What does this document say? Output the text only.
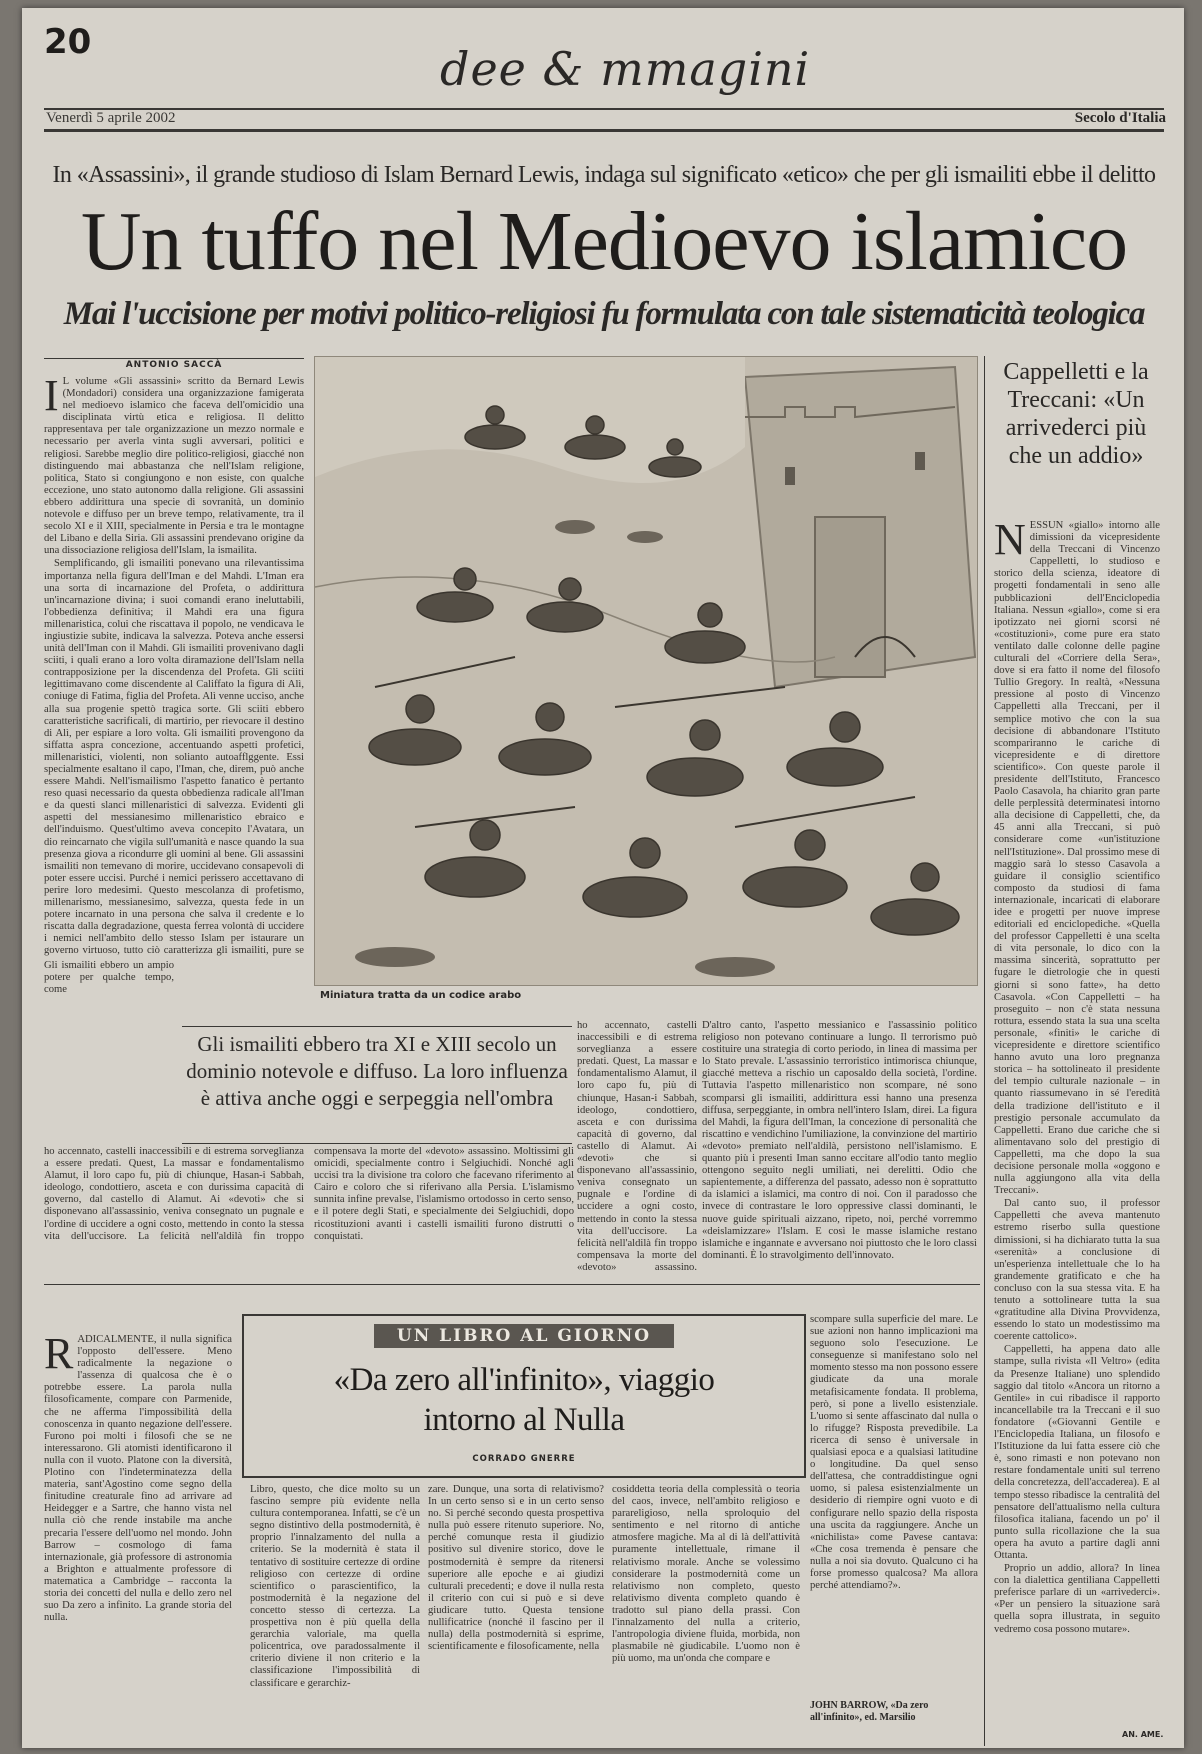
20	dee & mmagini
Venerdì 5 aprile 2002	Secolo d'Italia
In «Assassini», il grande studioso di Islam Bernard Lewis, indaga sul significato «etico» che per gli ismailiti ebbe il delitto
Un tuffo nel Medioevo islamico
Mai l'uccisione per motivi politico-religiosi fu formulata con tale sistematicità teologica
ANTONIO SACCÀ
I L volume «Gli assassini» scritto da Bernard Lewis (Mondadori) considera una organizzazione famigerata nel medioevo islamico che faceva dell'omicidio una disciplinata virtù etica e religiosa. Il delitto rappresentava per tale organizzazione un mezzo normale e necessario per averla vinta sugli avversari, politici e religiosi. Sarebbe meglio dire politico-religiosi, giacché non distinguendo mai abbastanza che nell'Islam religione, politica, Stato si congiungono e non esiste, con qualche eccezione, uno stato autonomo dalla religione. Gli assassini ebbero addirittura una specie di sovranità, un dominio notevole e diffuso per un breve tempo, relativamente, tra il secolo XI e il XIII, specialmente in Persia e tra le montagne del Libano e della Siria. Gli assassini prendevano origine da una dissociazione religiosa dell'Islam, la ismailita.

Semplificando, gli ismailiti ponevano una rilevantissima importanza nella figura dell'Iman e del Mahdi. L'Iman era una sorta di incarnazione del Profeta, o addirittura un'incarnazione divina; i suoi comandi erano ineluttabili, l'obbedienza definitiva; il Mahdi era una figura millenaristica, colui che riscattava il popolo, ne vendicava le ingiustizie subite, indicava la salvezza. Poteva anche essersi unità dell'Iman con il Mahdi. Gli ismailiti provenivano dagli sciiti, i quali erano a loro volta diramazione dell'Islam nella contrapposizione per la discendenza del Profeta. Gli sciiti legittimavano come discendente al Califfato la figura di Alì, coniuge di Fatima, figlia del Profeta. Alì venne ucciso, anche alla sua progenie spettò tragica sorte. Gli sciiti ebbero caratteristiche sacrificali, di martirio, per rievocare il destino di Alì, per espiare a loro volta. Gli ismailiti provengono da siffatta aspra concezione, accentuando aspetti profetici, millenaristici, violenti, non solianto autoafflggente. Essi specialmente esaltano il capo, l'Iman, che, direm, può anche essere Mahdi. Nell'ismailismo l'aspetto fanatico è pertanto reso quasi necessario da questa obbedienza radicale all'Iman e da questi slanci millenaristici di salvezza. Evidenti gli aspetti del messianesimo millenaristico ebraico e dell'induismo. Quest'ultimo aveva concepito l'Avatara, un dio reincarnato che vigila sull'umanità e nasce quando la sua presenza giova a ricondurre gli uomini al bene. Gli assassini ismailiti non temevano di morire, uccidevano consapevoli di poter essere uccisi. Purché i nemici perissero accettavano di perire loro medesimi. Questo mescolanza di profetismo, millenarismo, messianesimo, salvezza, questa fede in un potere incarnato in una persona che salva il credente e lo riscatta dalla degradazione, questa ferrea volontà di uccidere i nemici nell'ambito dello stesso Islam per istaurare un governo virtuoso, tutto ciò caratterizza gli ismailiti, pure se

Miniatura tratta da un codice arabo

Gli ismailiti ebbero un ampio potere per qualche tempo, come

Gli ismailiti ebbero tra XI e XIII secolo un dominio notevole e diffuso. La loro influenza è attiva anche oggi e serpeggia nell'ombra

ho accennato, castelli inaccessibili e di estrema sorveglianza a essere predati. Quest, La massar e fondamentalismo Alamut, il loro capo fu, più di chiunque, Hasan-i Sabbah, ideologo, condottiero, asceta e con durissima capacità di governo, dal castello di Alamut. Ai «devoti» che si disponevano all'assassinio, veniva consegnato un pugnale e l'ordine di uccidere a ogni costo, mettendo in conto la stessa vita dell'uccisore. La felicità nell'aldilà fin troppo compensava la morte del «devoto» assassino.

D'altro canto, l'aspetto messianico e l'assassinio politico religioso non potevano continuare a lungo. Il terrorismo può costituire una strategia di corto periodo, in linea di massima per lo Stato prevale. L'assassinio terroristico intimorisca chiunque, giacché metteva a rischio un caposaldo della società, l'ordine. Tuttavia l'aspetto millenaristico non scompare, né sono scomparsi gli ismailiti, addirittura essi hanno una presenza diffusa, serpeggiante, in ombra nell'intero Islam, direi. La figura del Mahdi, la figura dell'Iman, la concezione di personalità che riscattino e vendichino l'umiliazione, la convinzione del martirio «devoto» premiato nell'aldilà, persistono nell'islamismo. E quanto più i presenti Iman sanno eccitare all'odio tanto meglio ottengono seguito negli umiliati, nei derelitti. Odio che sapientemente, a differenza del passato, adesso non è soprattutto da islamici a islamici, ma contro di noi. Con il paradosso che invece di contrastare le loro oppressive classi dominanti, le nuove guide spirituali aizzano, ripeto, noi, perché vorremmo «deislamizzare» l'Islam. E così le masse islamiche restano islamiche e ingannate e avversano noi piuttosto che le loro classi dominanti. È lo stravolgimento dell'innovato.

ho accennato, castelli inaccessibili e di estrema sorveglianza a essere predati. Quest, La massar e fondamentalismo Alamut, il loro capo fu, più di chiunque, Hasan-i Sabbah, ideologo, condottiero, asceta e con durissima capacità di governo, dal castello di Alamut. Ai «devoti» che si disponevano all'assassinio, veniva consegnato un pugnale e l'ordine di uccidere a ogni costo, mettendo in conto la stessa vita dell'uccisore. La felicità nell'aldilà fin troppo compensava la morte del «devoto» assassino. Moltissimi gli omicidi, specialmente contro i Selgiuchidi. Nonché agli uccisi tra la divisione tra coloro che facevano riferimento al Cairo e coloro che si riferivano alla Persia. L'islamismo sunnita infine prevalse, l'islamismo ortodosso in certo senso, e il potere degli Stati, e specialmente dei Selgiuchidi, dopo ricostituzioni avanti i castelli ismailiti furono distrutti o conquistati.

Cappelletti e la Treccani: «Un arrivederci più che un addio»
N ESSUN «giallo» intorno alle dimissioni da vicepresidente della Treccani di Vincenzo Cappelletti, lo studioso e storico della scienza, ideatore di progetti fondamentali in seno alle pubblicazioni dell'Enciclopedia Italiana. Nessun «giallo», come si era ipotizzato nei giorni scorsi né «costituzioni», come pure era stato ventilato dalle colonne delle pagine culturali del «Corriere della Sera», dove si era fatto il nome del filosofo Tullio Gregory. In realtà, «Nessuna pressione al posto di Vincenzo Cappelletti alla Treccani, per il semplice motivo che con la sua decisione di abbandonare l'Istituto scompariranno le cariche di vicepresidente e di direttore scientifico». Con queste parole il presidente dell'Istituto, Francesco Paolo Casavola, ha chiarito gran parte delle perplessità determinatesi intorno alla decisione di Cappelletti, che, da 45 anni alla Treccani, si può considerare come «un'istituzione nell'Istituzione». Dal prossimo mese di maggio sarà lo stesso Casavola a guidare il consiglio scientifico composto da studiosi di fama internazionale, incaricati di elaborare idee e progetti per nuove imprese editoriali ed enciclopediche. «Quella del professor Cappelletti è una scelta di vita personale, lo dico con la massima sincerità, soprattutto per fugare le dietrologie che in questi giorni si sono fatte», ha detto Casavola. «Con Cappelletti – ha proseguito – non c'è stata nessuna rottura, essendo stata la sua una scelta personale, «finiti» le cariche di vicepresidente e direttore scientifico hanno avuto una loro pregnanza storica – ha sottolineato il presidente del tempio culturale nazionale – in quanto riassumevano in sé l'eredità della tradizione dell'istituto e il prestigio personale accumulato da Cappelletti. Erano due cariche che si alimentavano solo del prestigio di Cappelletti, ma che dopo la sua decisione personale molla «oggono e nulla aggiungono alla vita della Treccani».

Dal canto suo, il professor Cappelletti che aveva mantenuto estremo riserbo sulla questione dimissioni, si ha dichiarato tutta la sua «serenità» a conclusione di un'esperienza intellettuale che lo ha grandemente gratificato e che ha concluso con la sua stessa vita. E ha tenuto a sottolineare tutta la sua «gratitudine alla Divina Provvidenza, essendo lo stato un modestissimo ma coerente cattolico».

Cappelletti, ha appena dato alle stampe, sulla rivista «Il Veltro» (edita da Presenze Italiane) uno splendido saggio dal titolo «Ancora un ritorno a Gentile» in cui ribadisce il rapporto incancellabile tra la Treccani e il suo fondatore («Giovanni Gentile e l'Enciclopedia Italiana, un filosofo e l'Istituzione da lui fatta essere ciò che è, sono rimasti e non potevano non restare fondamentale uniti sul terreno della concretezza, dell'accaderea). E al tempo stesso ribadisce la centralità del pensatore dell'attualismo nella cultura filosofica italiana, facendo un po' il punto sulla ricollazione che la sua opera ha avuto a partire dagli anni Ottanta.

Proprio un addio, allora? In linea con la dialettica gentiliana Cappelletti preferisce parlare di un «arrivederci». «Per un pensiero la situazione sarà quella sopra illustrata, in seguito vedremo cosa possono mutare».

AN. AME.
R ADICALMENTE, il nulla significa l'opposto dell'essere. Meno radicalmente la negazione o l'assenza di qualcosa che è o potrebbe essere. La parola nulla filosoficamente, compare con Parmenide, che ne afferma l'impossibilità della conoscenza in quanto negazione dell'essere. Furono poi molti i filosofi che se ne interessarono. Gli atomisti identificarono il nulla con il vuoto. Platone con la diversità, Plotino con l'indeterminatezza della materia, sant'Agostino come segno della finitudine creaturale fino ad arrivare ad Heidegger e a Sartre, che hanno vista nel nulla ciò che rende instabile ma anche precaria l'essere dell'uomo nel mondo. John Barrow – cosmologo di fama internazionale, già professore di astronomia a Brighton e attualmente professore di matematica a Cambridge – racconta la storia dei concetti del nulla e dello zero nel suo Da zero a infinito. La grande storia del nulla.

UN LIBRO AL GIORNO
«Da zero all'infinito», viaggio intorno al Nulla
CORRADO GNERRE

Libro, questo, che dice molto su un fascino sempre più evidente nella cultura contemporanea. Infatti, se c'è un segno distintivo della postmodernità, è proprio l'innalzamento del nulla a criterio. Se la modernità è stata il tentativo di sostituire certezze di ordine religioso con certezze di ordine scientifico o parascientifico, la postmodernità è la negazione del concetto stesso di certezza. La prospettiva non è più quella della gerarchia valoriale, ma quella policentrica, ove paradossalmente il criterio diviene il non criterio e la classificazione l'impossibilità di classificare e gerarchiz-

zare. Dunque, una sorta di relativismo? In un certo senso sì e in un certo senso no. Sì perché secondo questa prospettiva nulla può essere ritenuto superiore. No, perché comunque resta il giudizio positivo sul divenire storico, dove le postmodernità è sempre da ritenersi superiore alle epoche e ai giudizi culturali precedenti; e dove il nulla resta il criterio con cui si può e si deve giudicare tutto. Questa tensione nullificatrice (nonché il fascino per il nulla) della postmodernità si esprime, scientificamente e filosoficamente, nella

cosiddetta teoria della complessità o teoria del caos, invece, nell'ambito religioso e parareligioso, nella sproloquio del sentimento e nel ritorno di antiche atmosfere magiche. Ma al di là dell'attività puramente intellettuale, rimane il relativismo morale. Anche se volessimo considerare la postmodernità come un relativismo non completo, questo relativismo diventa completo quando è tradotto sul piano della prassi. Con l'innalzamento del nulla a criterio, l'antropologia diviene fluida, morbida, non plasmabile nè giudicabile. L'uomo non è più uomo, ma un'onda che compare e

scompare sulla superficie del mare. Le sue azioni non hanno implicazioni ma seguono solo l'esecuzione. Le conseguenze si manifestano solo nel momento stesso ma non possono essere giudicate da una morale metafisicamente fondata. Il problema, però, si pone a livello esistenziale. L'uomo si sente affascinato dal nulla o lo rifugge? Risposta prevedibile. La ricerca di senso è universale in qualsiasi epoca e a qualsiasi latitudine o longitudine. Da quel senso dell'attesa, che contraddistingue ogni uomo, si palesa esistenzialmente un desiderio di riempire ogni vuoto e di configurare nello spazio della risposta una uscita da raggiungere. Anche un «nichilista» come Pavese cantava: «Che cosa tremenda è pensare che nulla a noi sia dovuto. Qualcuno ci ha forse promesso qualcosa? Ma allora perché attendiamo?».

JOHN BARROW, «Da zero all'infinito», ed. Marsilio
